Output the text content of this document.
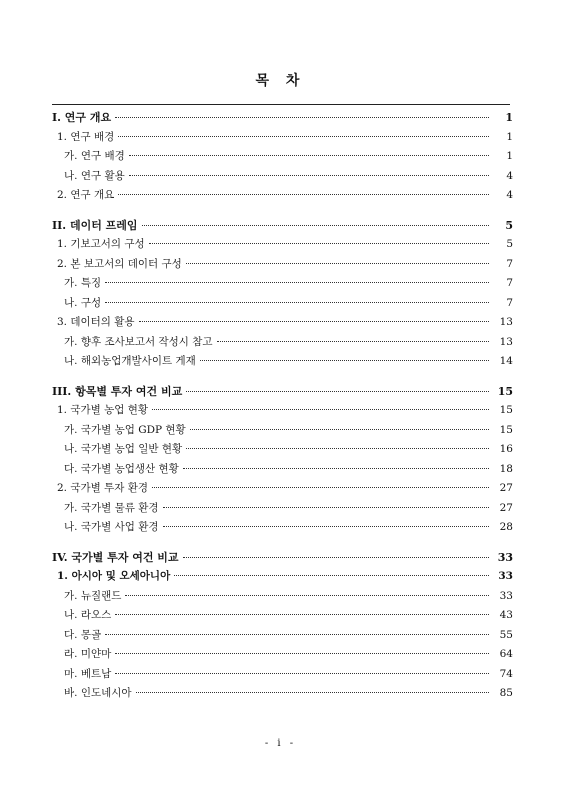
목 차
I. 연구 개요	1
1. 연구 배경	1
가. 연구 배경	1
나. 연구 활용	4
2. 연구 개요	4
II. 데이터 프레임	5
1. 기보고서의 구성	5
2. 본 보고서의 데이터 구성	7
가. 특징	7
나. 구성	7
3. 데이터의 활용	13
가. 향후 조사보고서 작성시 참고	13
나. 해외농업개발사이트 게재	14
III. 항목별 투자 여건 비교	15
1. 국가별 농업 현황	15
가. 국가별 농업 GDP 현황	15
나. 국가별 농업 일반 현황	16
다. 국가별 농업생산 현황	18
2. 국가별 투자 환경	27
가. 국가별 물류 환경	27
나. 국가별 사업 환경	28
IV. 국가별 투자 여건 비교	33
1. 아시아 및 오세아니아	33
가. 뉴질랜드	33
나. 라오스	43
다. 몽골	55
라. 미얀마	64
마. 베트남	74
바. 인도네시아	85
- i -
